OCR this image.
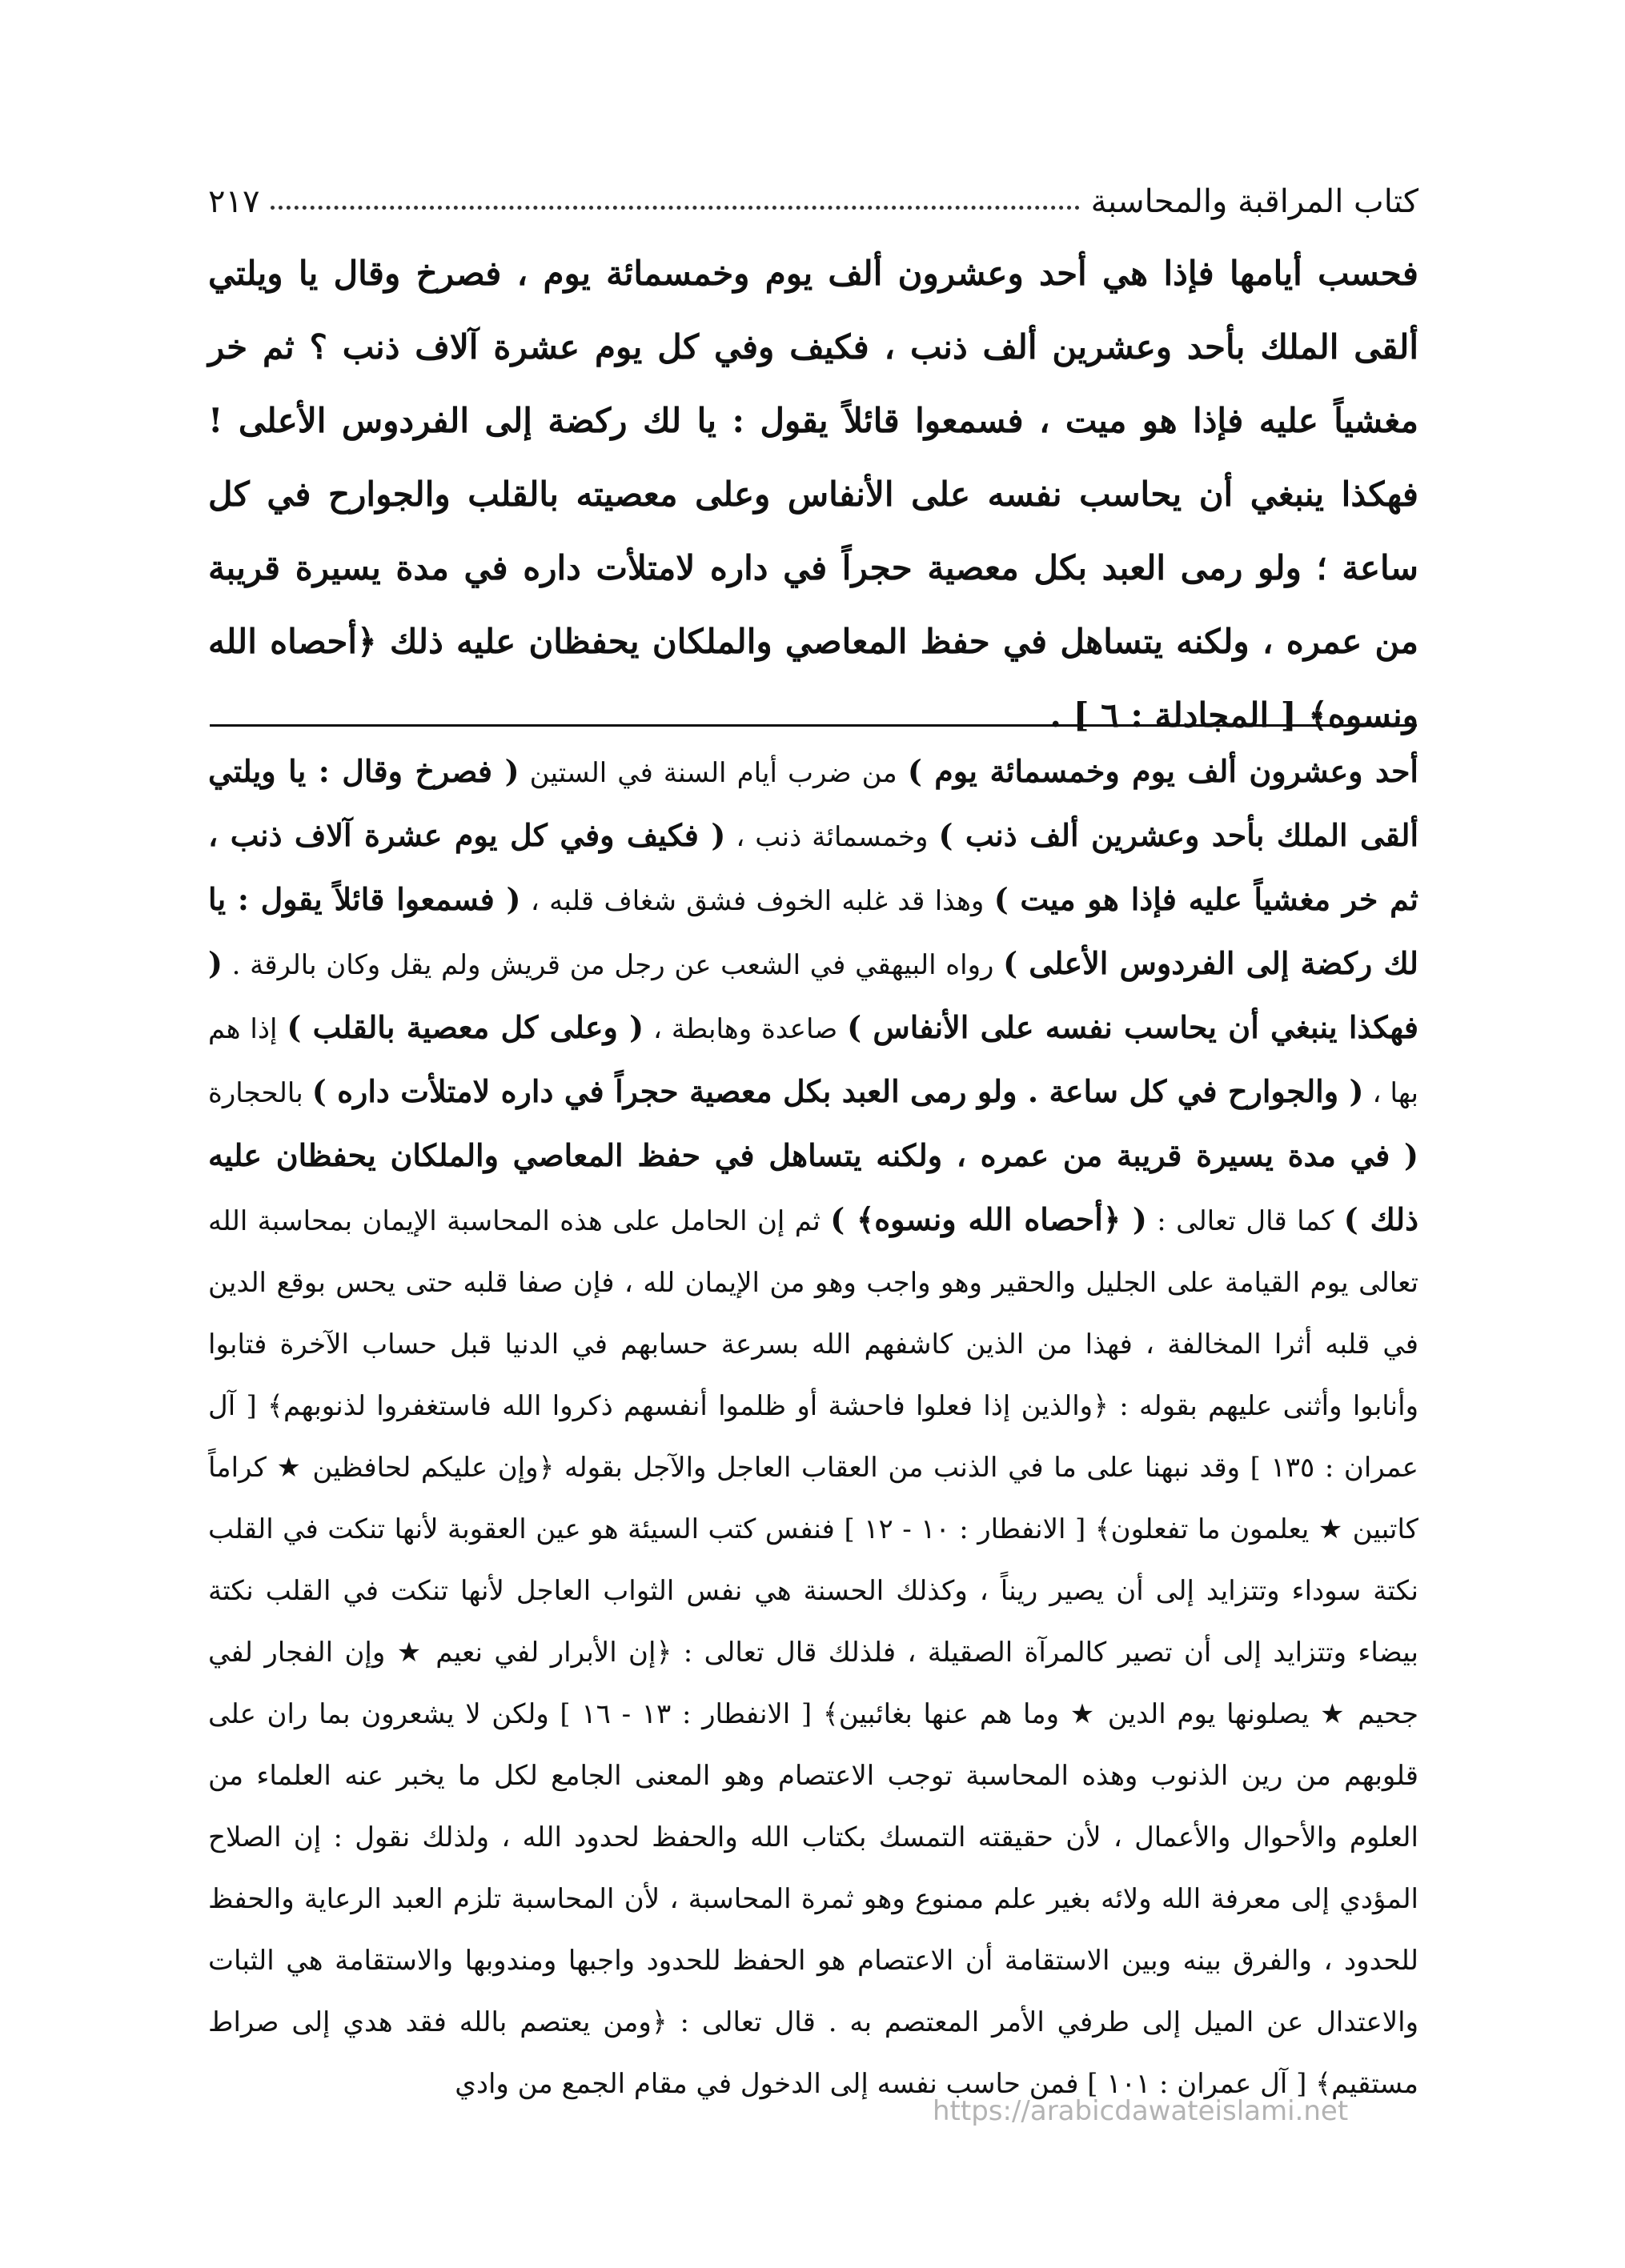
كتاب المراقبة والمحاسبة
٢١٧

فحسب أيامها فإذا هي أحد وعشرون ألف يوم وخمسمائة يوم ، فصرخ وقال يا ويلتي ألقى الملك بأحد وعشرين ألف ذنب ، فكيف وفي كل يوم عشرة آلاف ذنب ؟ ثم خر مغشياً عليه فإذا هو ميت ، فسمعوا قائلاً يقول : يا لك ركضة إلى الفردوس الأعلى ! فهكذا ينبغي أن يحاسب نفسه على الأنفاس وعلى معصيته بالقلب والجوارح في كل ساعة ؛ ولو رمى العبد بكل معصية حجراً في داره لامتلأت داره في مدة يسيرة قريبة من عمره ، ولكنه يتساهل في حفظ المعاصي والملكان يحفظان عليه ذلك ﴿أحصاه الله ونسوه﴾ [ المجادلة : ٦ ] .

أحد وعشرون ألف يوم وخمسمائة يوم ) من ضرب أيام السنة في الستين ( فصرخ وقال : يا ويلتي ألقى الملك بأحد وعشرين ألف ذنب ) وخمسمائة ذنب ، ( فكيف وفي كل يوم عشرة آلاف ذنب ، ثم خر مغشياً عليه فإذا هو ميت ) وهذا قد غلبه الخوف فشق شغاف قلبه ، ( فسمعوا قائلاً يقول : يا لك ركضة إلى الفردوس الأعلى ) رواه البيهقي في الشعب عن رجل من قريش ولم يقل وكان بالرقة . ( فهكذا ينبغي أن يحاسب نفسه على الأنفاس ) صاعدة وهابطة ، ( وعلى كل معصية بالقلب ) إذا هم بها ، ( والجوارح في كل ساعة . ولو رمى العبد بكل معصية حجراً في داره لامتلأت داره ) بالحجارة ( في مدة يسيرة قريبة من عمره ، ولكنه يتساهل في حفظ المعاصي والملكان يحفظان عليه ذلك ) كما قال تعالى : ( ﴿أحصاه الله ونسوه﴾ ) ثم إن الحامل على هذه المحاسبة الإيمان بمحاسبة الله تعالى يوم القيامة على الجليل والحقير وهو واجب وهو من الإيمان لله ، فإن صفا قلبه حتى يحس بوقع الدين في قلبه أثرا المخالفة ، فهذا من الذين كاشفهم الله بسرعة حسابهم في الدنيا قبل حساب الآخرة فتابوا وأنابوا وأثنى عليهم بقوله : ﴿والذين إذا فعلوا فاحشة أو ظلموا أنفسهم ذكروا الله فاستغفروا لذنوبهم﴾ [ آل عمران : ١٣٥ ] وقد نبهنا على ما في الذنب من العقاب العاجل والآجل بقوله ﴿وإن عليكم لحافظين ★ كراماً كاتبين ★ يعلمون ما تفعلون﴾ [ الانفطار : ١٠ - ١٢ ] فنفس كتب السيئة هو عين العقوبة لأنها تنكت في القلب نكتة سوداء وتتزايد إلى أن يصير ريناً ، وكذلك الحسنة هي نفس الثواب العاجل لأنها تنكت في القلب نكتة بيضاء وتتزايد إلى أن تصير كالمرآة الصقيلة ، فلذلك قال تعالى : ﴿إن الأبرار لفي نعيم ★ وإن الفجار لفي جحيم ★ يصلونها يوم الدين ★ وما هم عنها بغائبين﴾ [ الانفطار : ١٣ - ١٦ ] ولكن لا يشعرون بما ران على قلوبهم من رين الذنوب وهذه المحاسبة توجب الاعتصام وهو المعنى الجامع لكل ما يخبر عنه العلماء من العلوم والأحوال والأعمال ، لأن حقيقته التمسك بكتاب الله والحفظ لحدود الله ، ولذلك نقول : إن الصلاح المؤدي إلى معرفة الله ولائه بغير علم ممنوع وهو ثمرة المحاسبة ، لأن المحاسبة تلزم العبد الرعاية والحفظ للحدود ، والفرق بينه وبين الاستقامة أن الاعتصام هو الحفظ للحدود واجبها ومندوبها والاستقامة هي الثبات والاعتدال عن الميل إلى طرفي الأمر المعتصم به . قال تعالى : ﴿ومن يعتصم بالله فقد هدي إلى صراط مستقيم﴾ [ آل عمران : ١٠١ ] فمن حاسب نفسه إلى الدخول في مقام الجمع من وادي

https://arabicdawateislami.net
